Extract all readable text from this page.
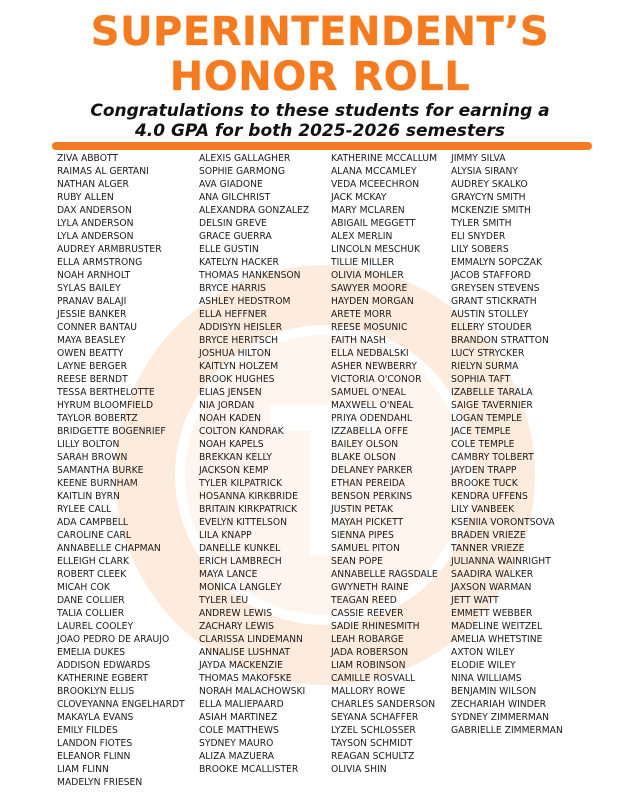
SUPERINTENDENT’S
HONOR ROLL
Congratulations to these students for earning a
4.0 GPA for both 2025-2026 semesters
ZIVA ABBOTT
RAIMAS AL GERTANI
NATHAN ALGER
RUBY ALLEN
DAX ANDERSON
LYLA ANDERSON
LYLA ANDERSON
AUDREY ARMBRUSTER
ELLA ARMSTRONG
NOAH ARNHOLT
SYLAS BAILEY
PRANAV BALAJI
JESSIE BANKER
CONNER BANTAU
MAYA BEASLEY
OWEN BEATTY
LAYNE BERGER
REESE BERNDT
TESSA BERTHELOTTE
HYRUM BLOOMFIELD
TAYLOR BOBERTZ
BRIDGETTE BOGENRIEF
LILLY BOLTON
SARAH BROWN
SAMANTHA BURKE
KEENE BURNHAM
KAITLIN BYRN
RYLEE CALL
ADA CAMPBELL
CAROLINE CARL
ANNABELLE CHAPMAN
ELLEIGH CLARK
ROBERT CLEEK
MICAH COK
DANE COLLIER
TALIA COLLIER
LAUREL COOLEY
JOAO PEDRO DE ARAUJO
EMELIA DUKES
ADDISON EDWARDS
KATHERINE EGBERT
BROOKLYN ELLIS
CLOVEYANNA ENGELHARDT
MAKAYLA EVANS
EMILY FILDES
LANDON FIOTES
ELEANOR FLINN
LIAM FLINN
MADELYN FRIESEN
ALEXIS GALLAGHER
SOPHIE GARMONG
AVA GIADONE
ANA GILCHRIST
ALEXANDRA GONZALEZ
DELSIN GREVE
GRACE GUERRA
ELLE GUSTIN
KATELYN HACKER
THOMAS HANKENSON
BRYCE HARRIS
ASHLEY HEDSTROM
ELLA HEFFNER
ADDISYN HEISLER
BRYCE HERITSCH
JOSHUA HILTON
KAITLYN HOLZEM
BROOK HUGHES
ELIAS JENSEN
NIA JORDAN
NOAH KADEN
COLTON KANDRAK
NOAH KAPELS
BREKKAN KELLY
JACKSON KEMP
TYLER KILPATRICK
HOSANNA KIRKBRIDE
BRITAIN KIRKPATRICK
EVELYN KITTELSON
LILA KNAPP
DANELLE KUNKEL
ERICH LAMBRECH
MAYA LANCE
MONICA LANGLEY
TYLER LEU
ANDREW LEWIS
ZACHARY LEWIS
CLARISSA LINDEMANN
ANNALISE LUSHNAT
JAYDA MACKENZIE
THOMAS MAKOFSKE
NORAH MALACHOWSKI
ELLA MALIEPAARD
ASIAH MARTINEZ
COLE MATTHEWS
SYDNEY MAURO
ALIZA MAZUERA
BROOKE MCALLISTER
KATHERINE MCCALLUM
ALANA MCCAMLEY
VEDA MCEECHRON
JACK MCKAY
MARY MCLAREN
ABIGAIL MEGGETT
ALEX MERLIN
LINCOLN MESCHUK
TILLIE MILLER
OLIVIA MOHLER
SAWYER MOORE
HAYDEN MORGAN
ARETE MORR
REESE MOSUNIC
FAITH NASH
ELLA NEDBALSKI
ASHER NEWBERRY
VICTORIA O'CONOR
SAMUEL O'NEAL
MAXWELL O'NEAL
PRIYA ODENDAHL
IZZABELLA OFFE
BAILEY OLSON
BLAKE OLSON
DELANEY PARKER
ETHAN PEREIDA
BENSON PERKINS
JUSTIN PETAK
MAYAH PICKETT
SIENNA PIPES
SAMUEL PITON
SEAN POPE
ANNABELLE RAGSDALE
GWYNETH RAINE
TEAGAN REED
CASSIE REEVER
SADIE RHINESMITH
LEAH ROBARGE
JADA ROBERSON
LIAM ROBINSON
CAMILLE ROSVALL
MALLORY ROWE
CHARLES SANDERSON
SEYANA SCHAFFER
LYZEL SCHLOSSER
TAYSON SCHMIDT
REAGAN SCHULTZ
OLIVIA SHIN
JIMMY SILVA
ALYSIA SIRANY
AUDREY SKALKO
GRAYCYN SMITH
MCKENZIE SMITH
TYLER SMITH
ELI SNYDER
LILY SOBERS
EMMALYN SOPCZAK
JACOB STAFFORD
GREYSEN STEVENS
GRANT STICKRATH
AUSTIN STOLLEY
ELLERY STOUDER
BRANDON STRATTON
LUCY STRYCKER
RIELYN SURMA
SOPHIA TAFT
IZABELLE TARALA
SAIGE TAVERNIER
LOGAN TEMPLE
JACE TEMPLE
COLE TEMPLE
CAMBRY TOLBERT
JAYDEN TRAPP
BROOKE TUCK
KENDRA UFFENS
LILY VANBEEK
KSENIIA VORONTSOVA
BRADEN VRIEZE
TANNER VRIEZE
JULIANNA WAINRIGHT
SAADIRA WALKER
JAXSON WARMAN
JETT WATT
EMMETT WEBBER
MADELINE WEITZEL
AMELIA WHETSTINE
AXTON WILEY
ELODIE WILEY
NINA WILLIAMS
BENJAMIN WILSON
ZECHARIAH WINDER
SYDNEY ZIMMERMAN
GABRIELLE ZIMMERMAN
